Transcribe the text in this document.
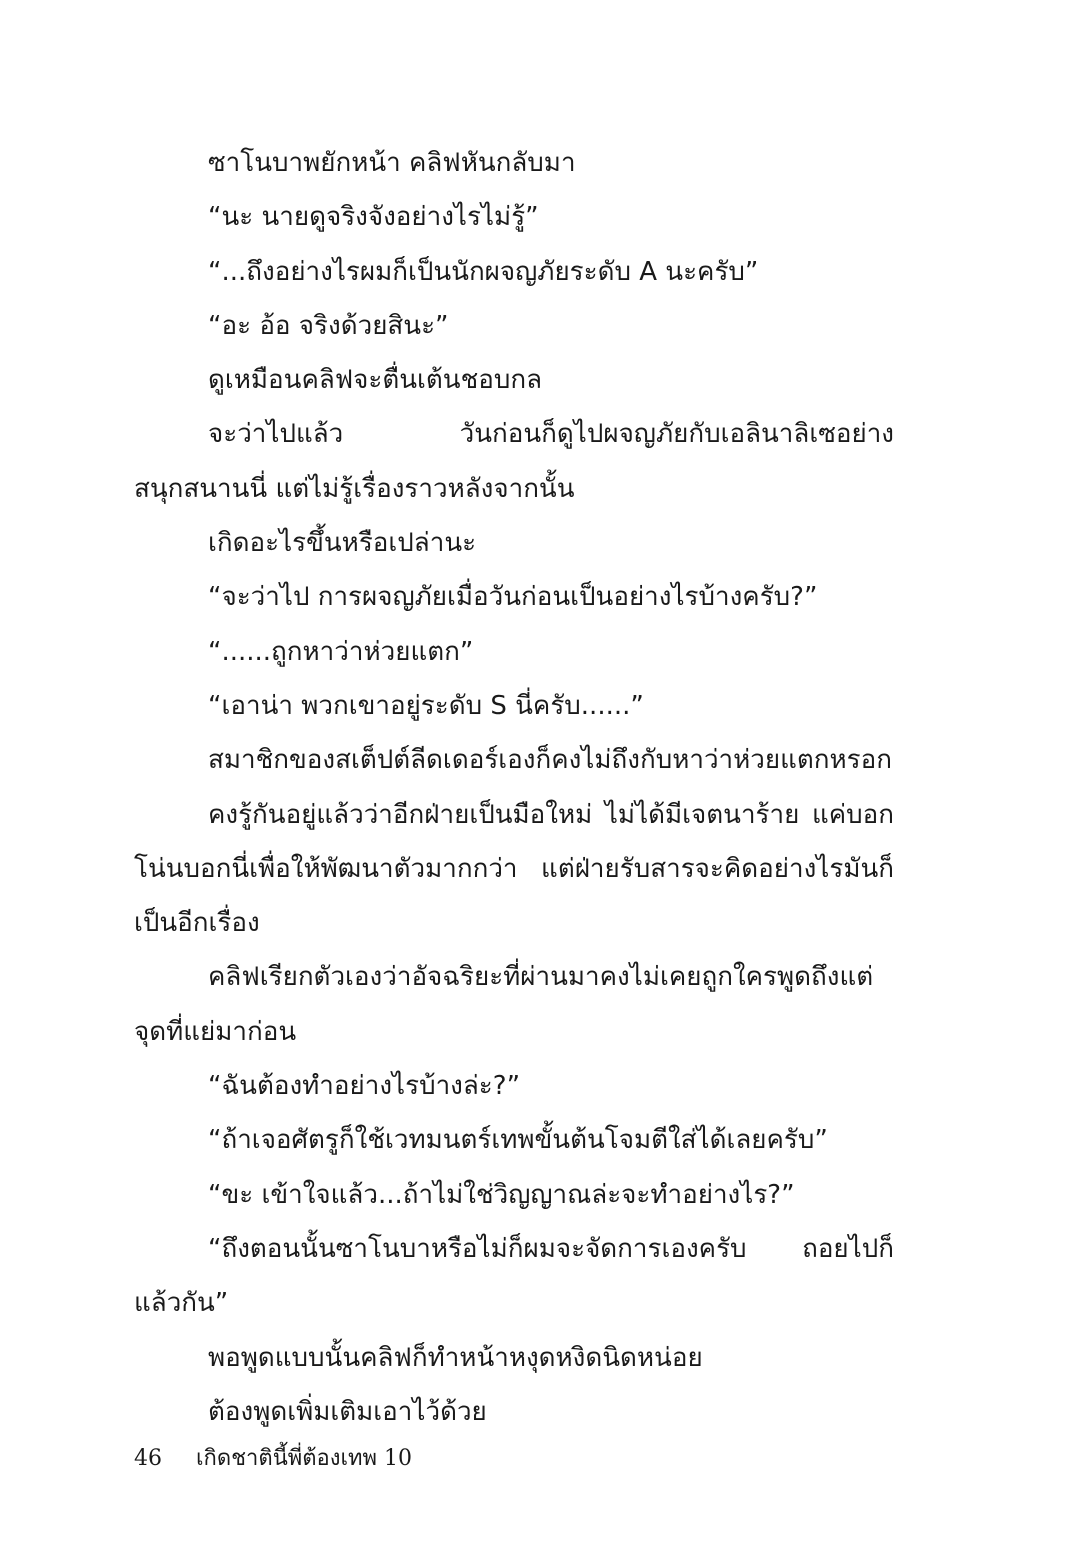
ซาโนบาพยักหน้า คลิฟหันกลับมา

“นะ นายดูจริงจังอย่างไรไม่รู้”

“...ถึงอย่างไรผมก็เป็นนักผจญภัยระดับ A นะครับ”

“อะ อ้อ จริงด้วยสินะ”

ดูเหมือนคลิฟจะตื่นเต้นชอบกล

จะว่าไปแล้ว วันก่อนก็ดูไปผจญภัยกับเอลินาลิเซอย่างสนุกสนานนี่ แต่ไม่รู้เรื่องราวหลังจากนั้น

เกิดอะไรขึ้นหรือเปล่านะ

“จะว่าไป การผจญภัยเมื่อวันก่อนเป็นอย่างไรบ้างครับ?”

“......ถูกหาว่าห่วยแตก”

“เอาน่า พวกเขาอยู่ระดับ S นี่ครับ......”

สมาชิกของสเต็ปต์ลีดเดอร์เองก็คงไม่ถึงกับหาว่าห่วยแตกหรอก

คงรู้กันอยู่แล้วว่าอีกฝ่ายเป็นมือใหม่ ไม่ได้มีเจตนาร้าย แค่บอกโน่นบอกนี่เพื่อให้พัฒนาตัวมากกว่า แต่ฝ่ายรับสารจะคิดอย่างไรมันก็เป็นอีกเรื่อง

คลิฟเรียกตัวเองว่าอัจฉริยะที่ผ่านมาคงไม่เคยถูกใครพูดถึงแต่จุดที่แย่มาก่อน

“ฉันต้องทำอย่างไรบ้างล่ะ?”

“ถ้าเจอศัตรูก็ใช้เวทมนตร์เทพขั้นต้นโจมตีใส่ได้เลยครับ”

“ขะ เข้าใจแล้ว...ถ้าไม่ใช่วิญญาณล่ะจะทำอย่างไร?”

“ถึงตอนนั้นซาโนบาหรือไม่ก็ผมจะจัดการเองครับ ถอยไปก็แล้วกัน”

พอพูดแบบนั้นคลิฟก็ทำหน้าหงุดหงิดนิดหน่อย

ต้องพูดเพิ่มเติมเอาไว้ด้วย

46 เกิดชาตินี้พี่ต้องเทพ 10
